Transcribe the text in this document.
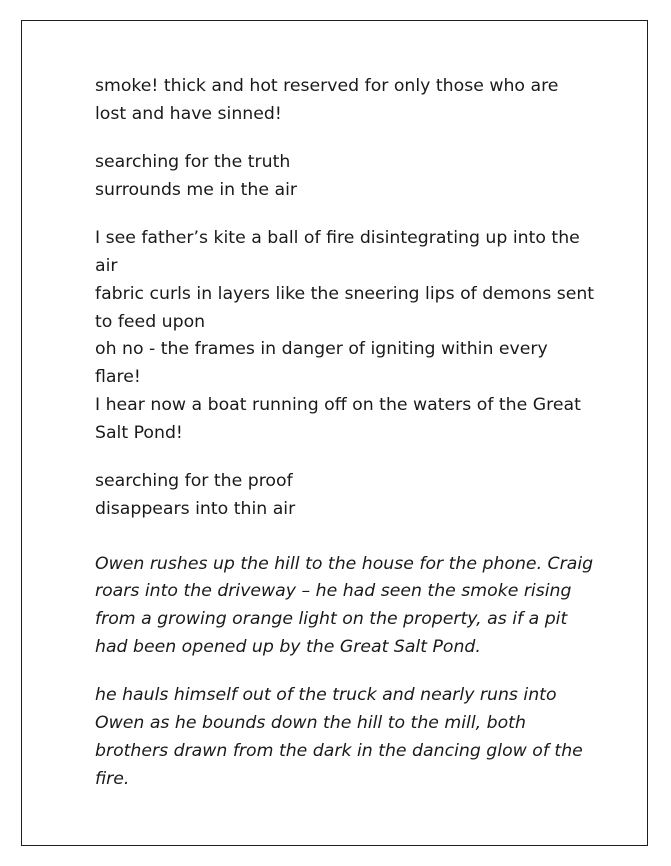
smoke! thick and hot reserved for only those who are lost and have sinned!
searching for the truth
surrounds me in the air
I see father’s kite a ball of fire disintegrating up into the air
fabric curls in layers like the sneering lips of demons sent to feed upon
oh no - the frames in danger of igniting within every flare!
I hear now a boat running off on the waters of the Great Salt Pond!
searching for the proof
disappears into thin air

Owen rushes up the hill to the house for the phone. Craig roars into the driveway – he had seen the smoke rising from a growing orange light on the property, as if a pit had been opened up by the Great Salt Pond.

he hauls himself out of the truck and nearly runs into Owen as he bounds down the hill to the mill, both brothers drawn from the dark in the dancing glow of the fire.
